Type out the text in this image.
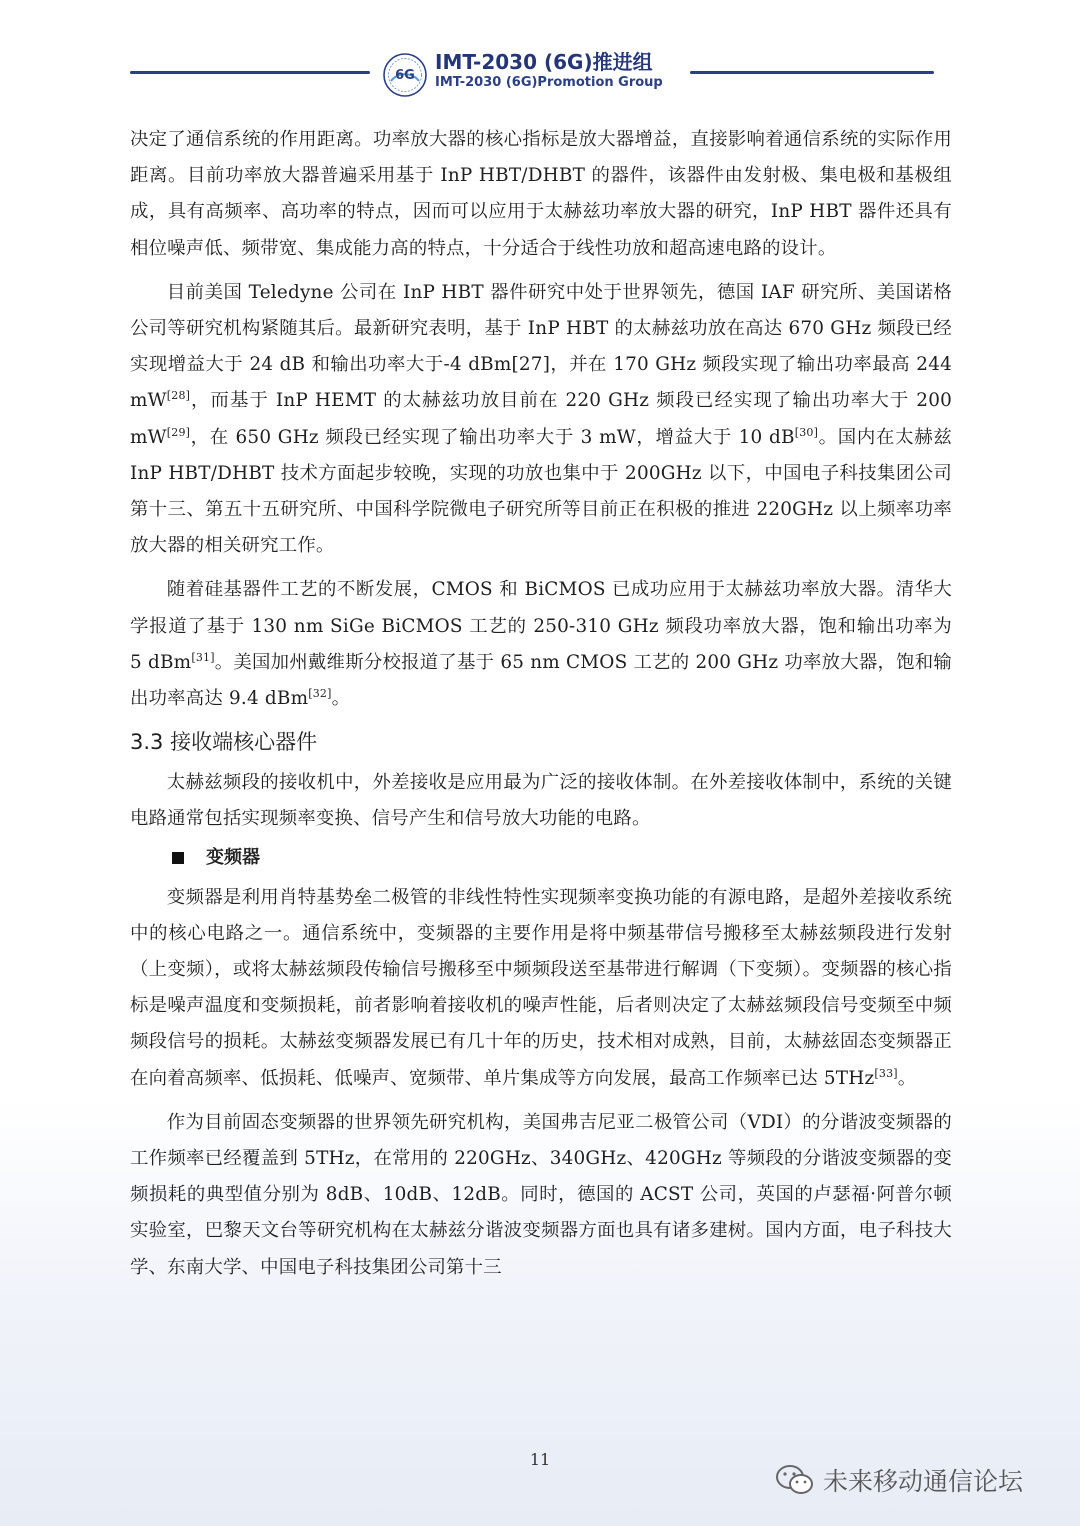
6G
IMT-2030 (6G)推进组
IMT-2030 (6G)Promotion Group

决定了通信系统的作用距离。功率放大器的核心指标是放大器增益，直接影响着通信系统的实际作用距离。目前功率放大器普遍采用基于 InP HBT/DHBT 的器件，该器件由发射极、集电极和基极组成，具有高频率、高功率的特点，因而可以应用于太赫兹功率放大器的研究，InP HBT 器件还具有相位噪声低、频带宽、集成能力高的特点，十分适合于线性功放和超高速电路的设计。

目前美国 Teledyne 公司在 InP HBT 器件研究中处于世界领先，德国 IAF 研究所、美国诺格公司等研究机构紧随其后。最新研究表明，基于 InP HBT 的太赫兹功放在高达 670 GHz 频段已经实现增益大于 24 dB 和输出功率大于-4 dBm[27]，并在 170 GHz 频段实现了输出功率最高 244 mW[28]，而基于 InP HEMT 的太赫兹功放目前在 220 GHz 频段已经实现了输出功率大于 200 mW[29]，在 650 GHz 频段已经实现了输出功率大于 3 mW，增益大于 10 dB[30]。国内在太赫兹 InP HBT/DHBT 技术方面起步较晚，实现的功放也集中于 200GHz 以下，中国电子科技集团公司第十三、第五十五研究所、中国科学院微电子研究所等目前正在积极的推进 220GHz 以上频率功率放大器的相关研究工作。

随着硅基器件工艺的不断发展，CMOS 和 BiCMOS 已成功应用于太赫兹功率放大器。清华大学报道了基于 130 nm SiGe BiCMOS 工艺的 250-310 GHz 频段功率放大器，饱和输出功率为 5 dBm[31]。美国加州戴维斯分校报道了基于 65 nm CMOS 工艺的 200 GHz 功率放大器，饱和输出功率高达 9.4 dBm[32]。

3.3 接收端核心器件

太赫兹频段的接收机中，外差接收是应用最为广泛的接收体制。在外差接收体制中，系统的关键电路通常包括实现频率变换、信号产生和信号放大功能的电路。

变频器

变频器是利用肖特基势垒二极管的非线性特性实现频率变换功能的有源电路，是超外差接收系统中的核心电路之一。通信系统中，变频器的主要作用是将中频基带信号搬移至太赫兹频段进行发射（上变频），或将太赫兹频段传输信号搬移至中频频段送至基带进行解调（下变频）。变频器的核心指标是噪声温度和变频损耗，前者影响着接收机的噪声性能，后者则决定了太赫兹频段信号变频至中频频段信号的损耗。太赫兹变频器发展已有几十年的历史，技术相对成熟，目前，太赫兹固态变频器正在向着高频率、低损耗、低噪声、宽频带、单片集成等方向发展，最高工作频率已达 5THz[33]。

作为目前固态变频器的世界领先研究机构，美国弗吉尼亚二极管公司（VDI）的分谐波变频器的工作频率已经覆盖到 5THz，在常用的 220GHz、340GHz、420GHz 等频段的分谐波变频器的变频损耗的典型值分别为 8dB、10dB、12dB。同时，德国的 ACST 公司，英国的卢瑟福·阿普尔顿实验室，巴黎天文台等研究机构在太赫兹分谐波变频器方面也具有诸多建树。国内方面，电子科技大学、东南大学、中国电子科技集团公司第十三

11
未来移动通信论坛
